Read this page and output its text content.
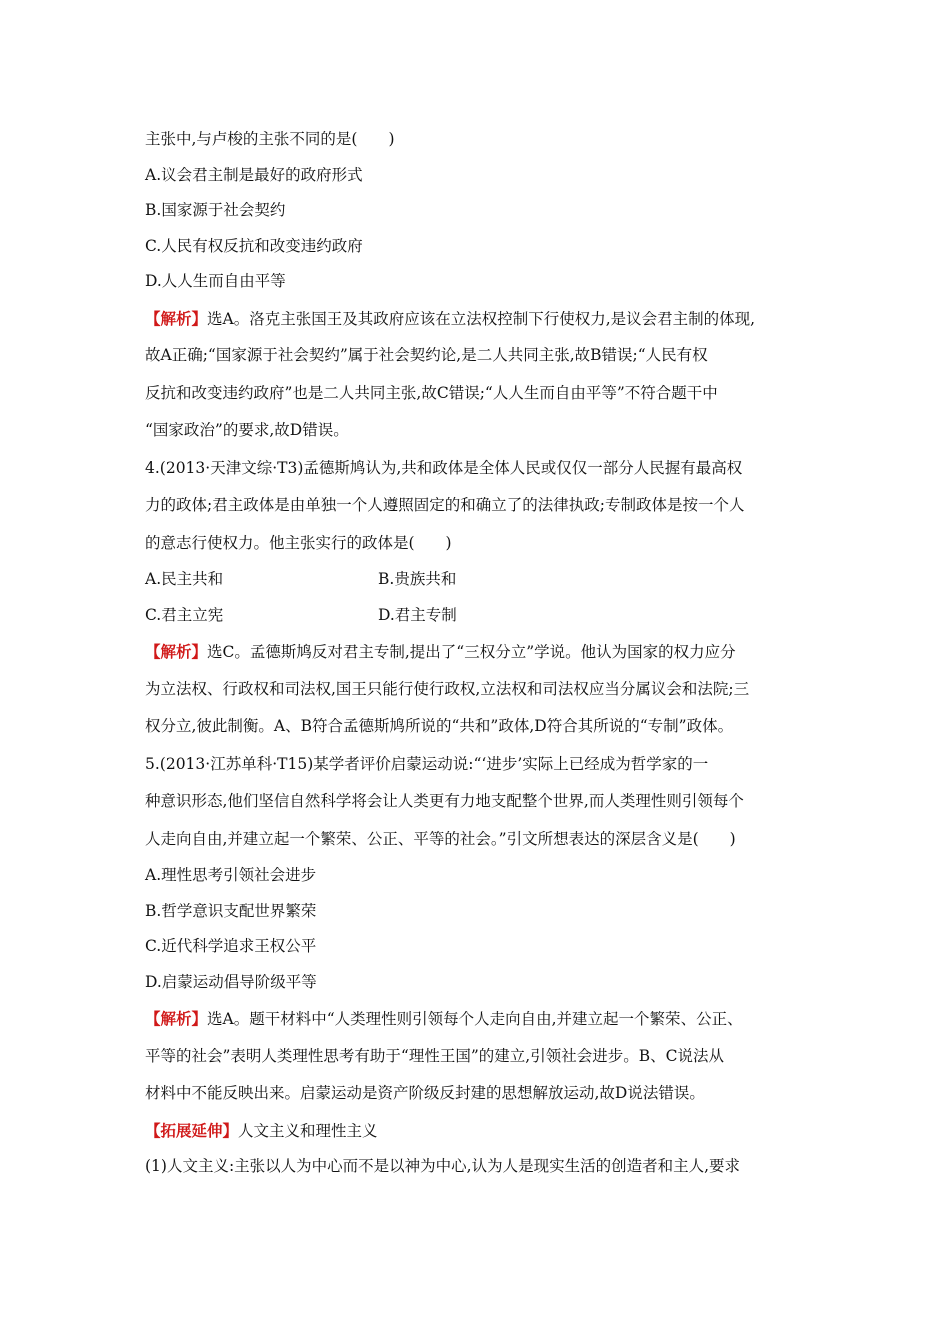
主张中,与卢梭的主张不同的是(　　)
A.议会君主制是最好的政府形式
B.国家源于社会契约
C.人民有权反抗和改变违约政府
D.人人生而自由平等
【解析】选A。洛克主张国王及其政府应该在立法权控制下行使权力,是议会君主制的体现,
故A正确;“国家源于社会契约”属于社会契约论,是二人共同主张,故B错误;“人民有权
反抗和改变违约政府”也是二人共同主张,故C错误;“人人生而自由平等”不符合题干中
“国家政治”的要求,故D错误。
4.(2013·天津文综·T3)孟德斯鸠认为,共和政体是全体人民或仅仅一部分人民握有最高权
力的政体;君主政体是由单独一个人遵照固定的和确立了的法律执政;专制政体是按一个人
的意志行使权力。他主张实行的政体是(　　)
A.民主共和	B.贵族共和
C.君主立宪	D.君主专制
【解析】选C。孟德斯鸠反对君主专制,提出了“三权分立”学说。他认为国家的权力应分
为立法权、行政权和司法权,国王只能行使行政权,立法权和司法权应当分属议会和法院;三
权分立,彼此制衡。A、B符合孟德斯鸠所说的“共和”政体,D符合其所说的“专制”政体。
5.(2013·江苏单科·T15)某学者评价启蒙运动说:“‘进步’实际上已经成为哲学家的一
种意识形态,他们坚信自然科学将会让人类更有力地支配整个世界,而人类理性则引领每个
人走向自由,并建立起一个繁荣、公正、平等的社会。”引文所想表达的深层含义是(　　)
A.理性思考引领社会进步
B.哲学意识支配世界繁荣
C.近代科学追求王权公平
D.启蒙运动倡导阶级平等
【解析】选A。题干材料中“人类理性则引领每个人走向自由,并建立起一个繁荣、公正、
平等的社会”表明人类理性思考有助于“理性王国”的建立,引领社会进步。B、C说法从
材料中不能反映出来。启蒙运动是资产阶级反封建的思想解放运动,故D说法错误。
【拓展延伸】人文主义和理性主义
(1)人文主义:主张以人为中心而不是以神为中心,认为人是现实生活的创造者和主人,要求
